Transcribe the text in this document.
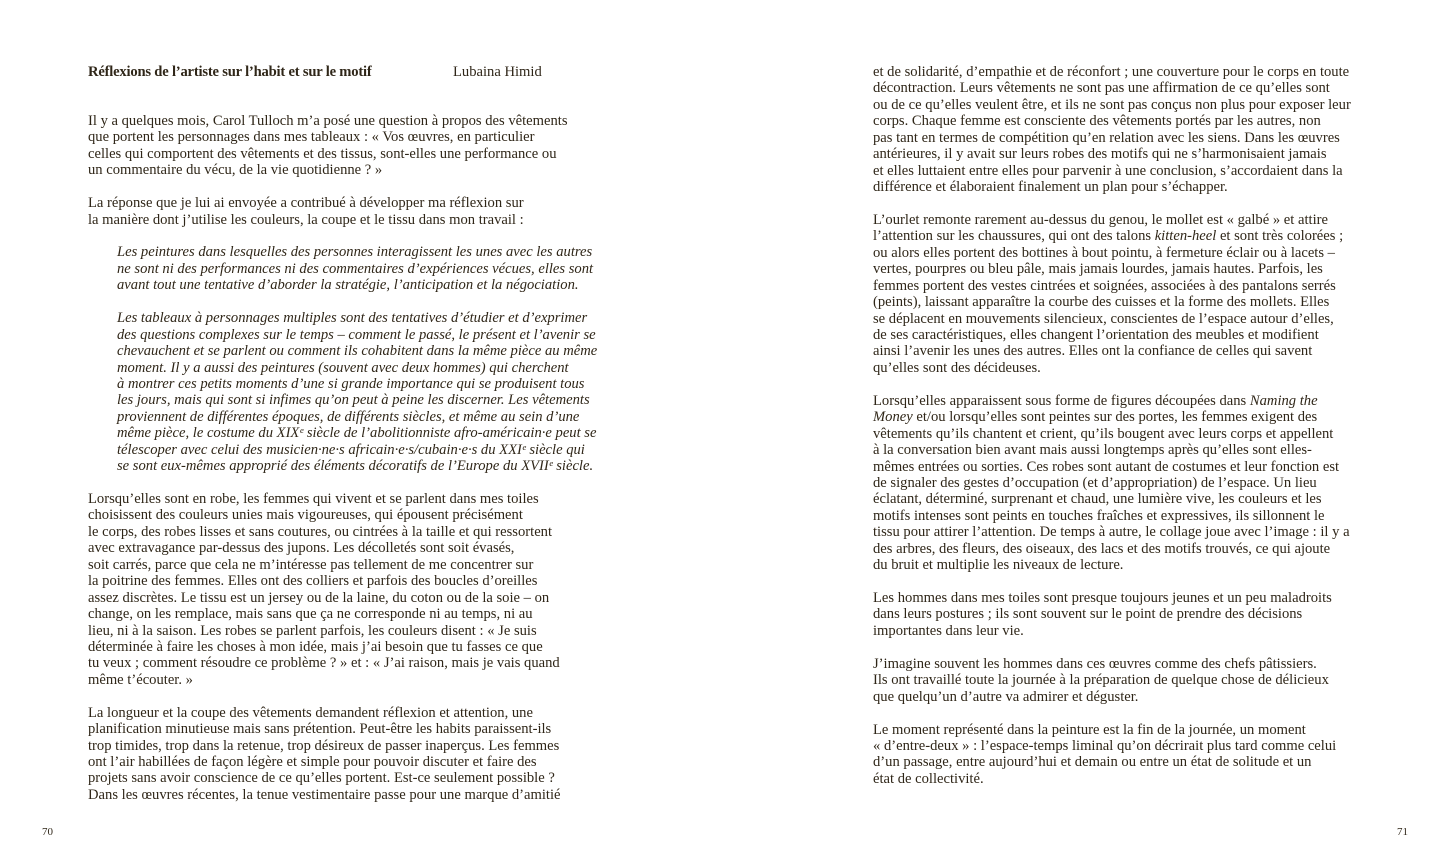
Réflexions de l’artiste sur l’habit et sur le motif	Lubaina Himid
Il y a quelques mois, Carol Tulloch m’a posé une question à propos des vêtements
que portent les personnages dans mes tableaux : « Vos œuvres, en particulier
celles qui comportent des vêtements et des tissus, sont-elles une performance ou
un commentaire du vécu, de la vie quotidienne ? »
La réponse que je lui ai envoyée a contribué à développer ma réflexion sur
la manière dont j’utilise les couleurs, la coupe et le tissu dans mon travail :
Les peintures dans lesquelles des personnes interagissent les unes avec les autres
ne sont ni des performances ni des commentaires d’expériences vécues, elles sont
avant tout une tentative d’aborder la stratégie, l’anticipation et la négociation.
Les tableaux à personnages multiples sont des tentatives d’étudier et d’exprimer
des questions complexes sur le temps – comment le passé, le présent et l’avenir se
chevauchent et se parlent ou comment ils cohabitent dans la même pièce au même
moment. Il y a aussi des peintures (souvent avec deux hommes) qui cherchent
à montrer ces petits moments d’une si grande importance qui se produisent tous
les jours, mais qui sont si infimes qu’on peut à peine les discerner. Les vêtements
proviennent de différentes époques, de différents siècles, et même au sein d’une
même pièce, le costume du XIXᵉ siècle de l’abolitionniste afro-américain·e peut se
télescoper avec celui des musicien·ne·s africain·e·s/cubain·e·s du XXIᵉ siècle qui
se sont eux-mêmes approprié des éléments décoratifs de l’Europe du XVIIᵉ siècle.
Lorsqu’elles sont en robe, les femmes qui vivent et se parlent dans mes toiles
choisissent des couleurs unies mais vigoureuses, qui épousent précisément
le corps, des robes lisses et sans coutures, ou cintrées à la taille et qui ressortent
avec extravagance par-dessus des jupons. Les décolletés sont soit évasés,
soit carrés, parce que cela ne m’intéresse pas tellement de me concentrer sur
la poitrine des femmes. Elles ont des colliers et parfois des boucles d’oreilles
assez discrètes. Le tissu est un jersey ou de la laine, du coton ou de la soie – on
change, on les remplace, mais sans que ça ne corresponde ni au temps, ni au
lieu, ni à la saison. Les robes se parlent parfois, les couleurs disent : « Je suis
déterminée à faire les choses à mon idée, mais j’ai besoin que tu fasses ce que
tu veux ; comment résoudre ce problème ? » et : « J’ai raison, mais je vais quand
même t’écouter. »
La longueur et la coupe des vêtements demandent réflexion et attention, une
planification minutieuse mais sans prétention. Peut-être les habits paraissent-ils
trop timides, trop dans la retenue, trop désireux de passer inaperçus. Les femmes
ont l’air habillées de façon légère et simple pour pouvoir discuter et faire des
projets sans avoir conscience de ce qu’elles portent. Est-ce seulement possible ?
Dans les œuvres récentes, la tenue vestimentaire passe pour une marque d’amitié
et de solidarité, d’empathie et de réconfort ; une couverture pour le corps en toute
décontraction. Leurs vêtements ne sont pas une affirmation de ce qu’elles sont
ou de ce qu’elles veulent être, et ils ne sont pas conçus non plus pour exposer leur
corps. Chaque femme est consciente des vêtements portés par les autres, non
pas tant en termes de compétition qu’en relation avec les siens. Dans les œuvres
antérieures, il y avait sur leurs robes des motifs qui ne s’harmonisaient jamais
et elles luttaient entre elles pour parvenir à une conclusion, s’accordaient dans la
différence et élaboraient finalement un plan pour s’échapper.
L’ourlet remonte rarement au-dessus du genou, le mollet est « galbé » et attire
l’attention sur les chaussures, qui ont des talons kitten-heel et sont très colorées ;
ou alors elles portent des bottines à bout pointu, à fermeture éclair ou à lacets –
vertes, pourpres ou bleu pâle, mais jamais lourdes, jamais hautes. Parfois, les
femmes portent des vestes cintrées et soignées, associées à des pantalons serrés
(peints), laissant apparaître la courbe des cuisses et la forme des mollets. Elles
se déplacent en mouvements silencieux, conscientes de l’espace autour d’elles,
de ses caractéristiques, elles changent l’orientation des meubles et modifient
ainsi l’avenir les unes des autres. Elles ont la confiance de celles qui savent
qu’elles sont des décideuses.
Lorsqu’elles apparaissent sous forme de figures découpées dans Naming the
Money et/ou lorsqu’elles sont peintes sur des portes, les femmes exigent des
vêtements qu’ils chantent et crient, qu’ils bougent avec leurs corps et appellent
à la conversation bien avant mais aussi longtemps après qu’elles sont elles-
mêmes entrées ou sorties. Ces robes sont autant de costumes et leur fonction est
de signaler des gestes d’occupation (et d’appropriation) de l’espace. Un lieu
éclatant, déterminé, surprenant et chaud, une lumière vive, les couleurs et les
motifs intenses sont peints en touches fraîches et expressives, ils sillonnent le
tissu pour attirer l’attention. De temps à autre, le collage joue avec l’image : il y a
des arbres, des fleurs, des oiseaux, des lacs et des motifs trouvés, ce qui ajoute
du bruit et multiplie les niveaux de lecture.
Les hommes dans mes toiles sont presque toujours jeunes et un peu maladroits
dans leurs postures ; ils sont souvent sur le point de prendre des décisions
importantes dans leur vie.
J’imagine souvent les hommes dans ces œuvres comme des chefs pâtissiers.
Ils ont travaillé toute la journée à la préparation de quelque chose de délicieux
que quelqu’un d’autre va admirer et déguster.
Le moment représenté dans la peinture est la fin de la journée, un moment
« d’entre-deux » : l’espace-temps liminal qu’on décrirait plus tard comme celui
d’un passage, entre aujourd’hui et demain ou entre un état de solitude et un
état de collectivité.
70	71
